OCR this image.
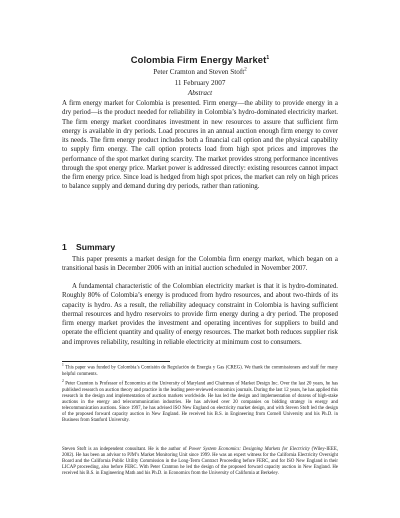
Colombia Firm Energy Market$^1$
Peter Cramton and Steven Stoft$^2$
11 February 2007
Abstract

A firm energy market for Colombia is presented. Firm energy—the ability to provide energy in a dry period—is the product needed for reliability in Colombia’s hydro-dominated electricity market. The firm energy market coordinates investment in new resources to assure that sufficient firm energy is available in dry periods. Load procures in an annual auction enough firm energy to cover its needs. The firm energy product includes both a financial call option and the physical capability to supply firm energy. The call option protects load from high spot prices and improves the performance of the spot market during scarcity. The market provides strong performance incentives through the spot energy price. Market power is addressed directly: existing resources cannot impact the firm energy price. Since load is hedged from high spot prices, the market can rely on high prices to balance supply and demand during dry periods, rather than rationing.

1 Summary

This paper presents a market design for the Colombia firm energy market, which began on a transitional basis in December 2006 with an initial auction scheduled in November 2007.

A fundamental characteristic of the Colombian electricity market is that it is hydro-dominated. Roughly 80% of Colombia’s energy is produced from hydro resources, and about two-thirds of its capacity is hydro. As a result, the reliability adequacy constraint in Colombia is having sufficient thermal resources and hydro reservoirs to provide firm energy during a dry period. The proposed firm energy market provides the investment and operating incentives for suppliers to build and operate the efficient quantity and quality of energy resources. The market both reduces supplier risk and improves reliability, resulting in reliable electricity at minimum cost to consumers.

$^1$ This paper was funded by Colombia’s Comisión de Regulación de Energía y Gas (CREG). We thank the commissioners and staff for many helpful comments.

$^2$ Peter Cramton is Professor of Economics at the University of Maryland and Chairman of Market Design Inc. Over the last 20 years, he has published research on auction theory and practice in the leading peer-reviewed economics journals. During the last 12 years, he has applied this research in the design and implementation of auction markets worldwide. He has led the design and implementation of dozens of high-stake auctions in the energy and telecommunication industries. He has advised over 20 companies on bidding strategy in energy and telecommunication auctions. Since 1997, he has advised ISO New England on electricity market design, and with Steven Stoft led the design of the proposed forward capacity auction in New England. He received his B.S. in Engineering from Cornell University and his Ph.D. in Business from Stanford University.

Steven Stoft is an independent consultant. He is the author of Power System Economics: Designing Markets for Electricity (Wiley-IEEE, 2002). He has been an advisor to PJM’s Market Monitoring Unit since 1999. He was an expert witness for the California Electricity Oversight Board and the California Public Utility Commission in the Long-Term Contract Proceeding before FERC, and for ISO New England in their LICAP proceeding, also before FERC. With Peter Cramton he led the design of the proposed forward capacity auction in New England. He received his B.S. in Engineering Math and his Ph.D. in Economics from the University of California at Berkeley.
